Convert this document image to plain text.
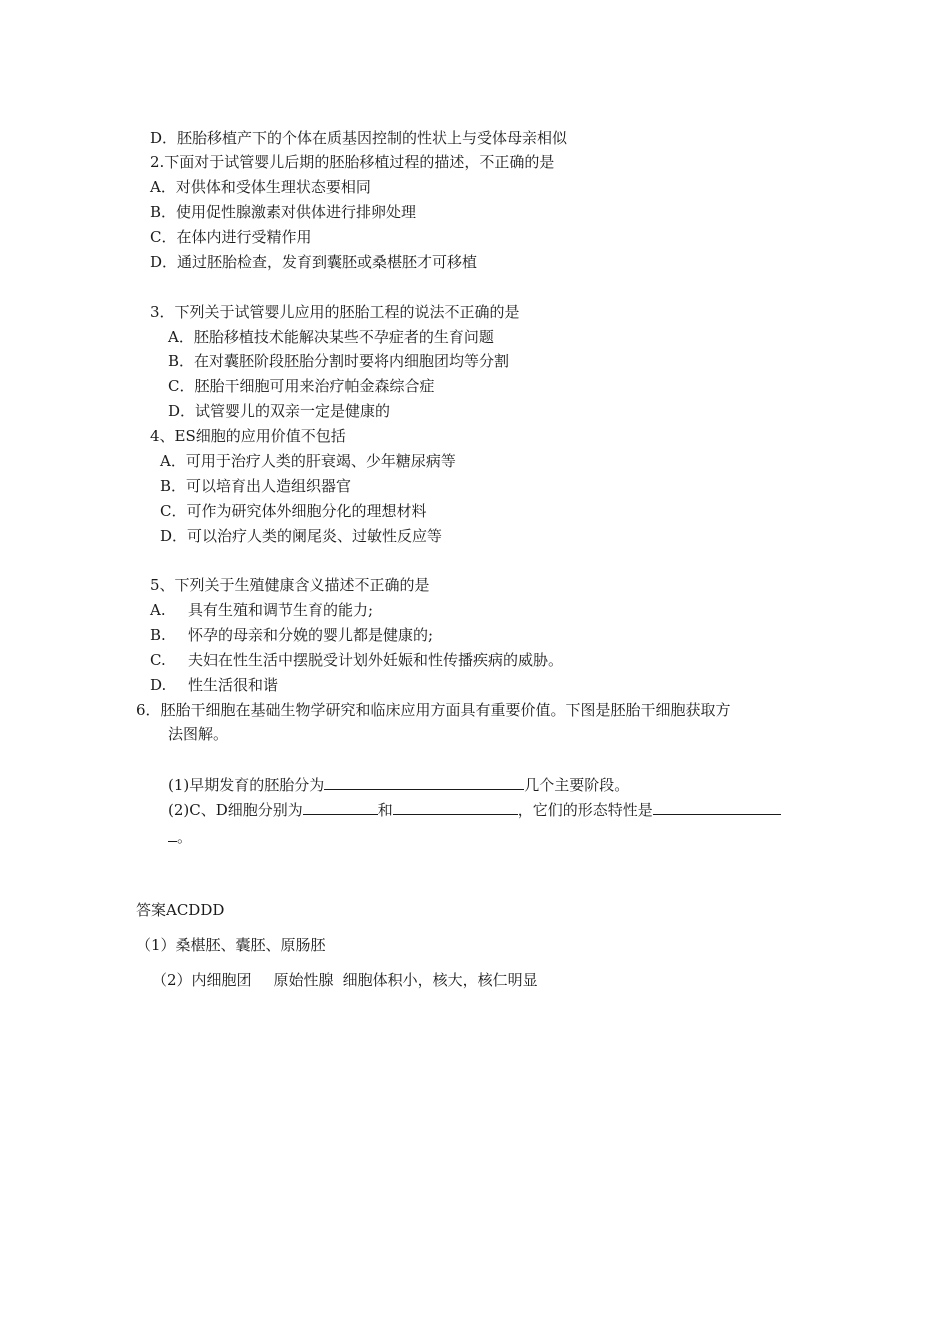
D．胚胎移植产下的个体在质基因控制的性状上与受体母亲相似
2.下面对于试管婴儿后期的胚胎移植过程的描述，不正确的是
A．对供体和受体生理状态要相同
B．使用促性腺激素对供体进行排卵处理
C．在体内进行受精作用
D．通过胚胎检查，发育到囊胚或桑椹胚才可移植
3．下列关于试管婴儿应用的胚胎工程的说法不正确的是
A．胚胎移植技术能解决某些不孕症者的生育问题
B．在对囊胚阶段胚胎分割时要将内细胞团均等分割
C．胚胎干细胞可用来治疗帕金森综合症
D．试管婴儿的双亲一定是健康的
4、ES细胞的应用价值不包括
A．可用于治疗人类的肝衰竭、少年糖尿病等
B．可以培育出人造组织器官
C．可作为研究体外细胞分化的理想材料
D．可以治疗人类的阑尾炎、过敏性反应等
5、下列关于生殖健康含义描述不正确的是
A. 具有生殖和调节生育的能力;
B. 怀孕的母亲和分娩的婴儿都是健康的;
C. 夫妇在性生活中摆脱受计划外妊娠和性传播疾病的威胁。
D. 性生活很和谐
6．胚胎干细胞在基础生物学研究和临床应用方面具有重要价值。下图是胚胎干细胞获取方
法图解。
(1)早期发育的胚胎分为	几个主要阶段。
(2)C、D细胞分别为	和	，它们的形态特性是
。
答案ACDDD
（1）桑椹胚、囊胚、原肠胚
（2）内细胞团 原始性腺 细胞体积小，核大，核仁明显
